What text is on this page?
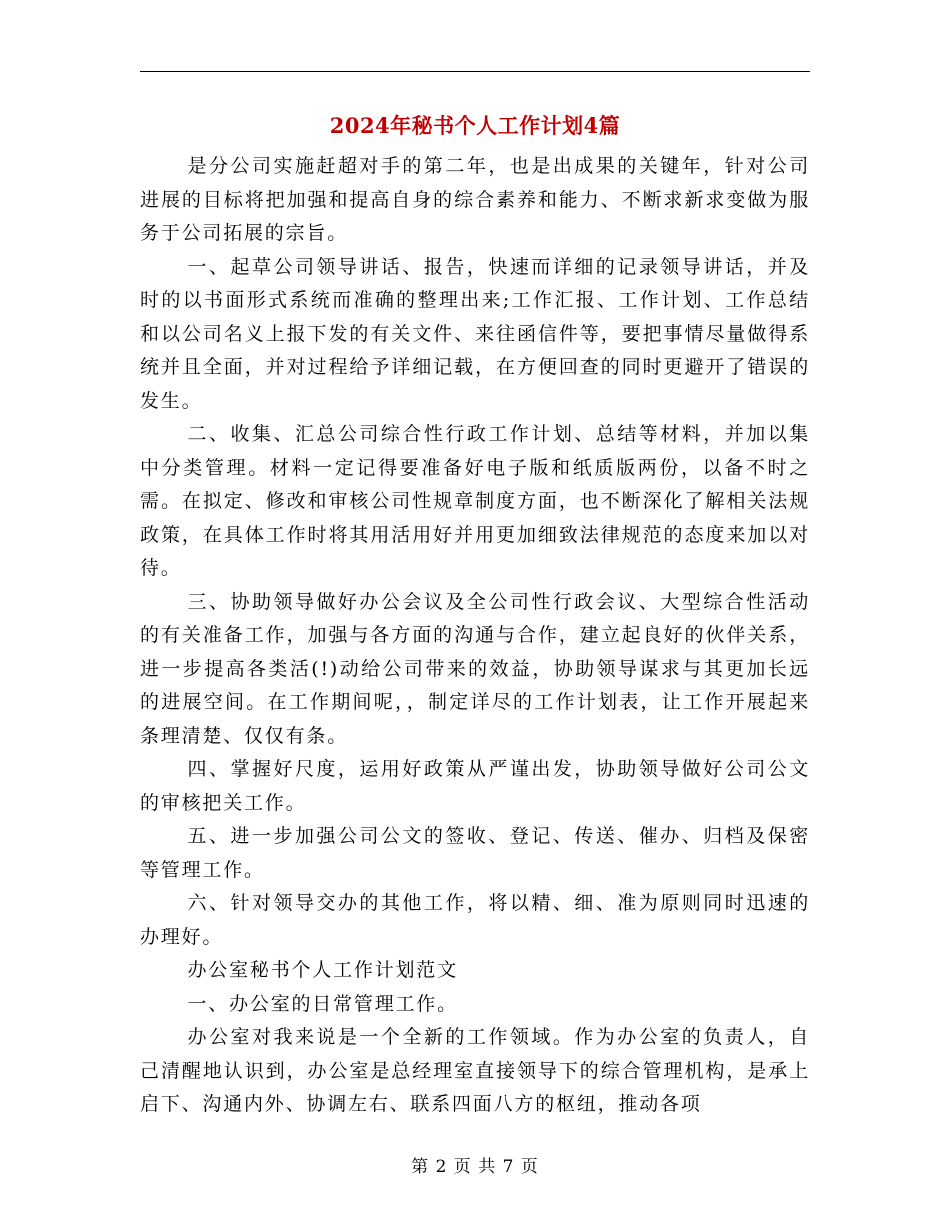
2024年秘书个人工作计划4篇

是分公司实施赶超对手的第二年，也是出成果的关键年，针对公司进展的目标将把加强和提高自身的综合素养和能力、不断求新求变做为服务于公司拓展的宗旨。

一、起草公司领导讲话、报告，快速而详细的记录领导讲话，并及时的以书面形式系统而准确的整理出来;工作汇报、工作计划、工作总结和以公司名义上报下发的有关文件、来往函信件等，要把事情尽量做得系统并且全面，并对过程给予详细记载，在方便回查的同时更避开了错误的发生。

二、收集、汇总公司综合性行政工作计划、总结等材料，并加以集中分类管理。材料一定记得要准备好电子版和纸质版两份，以备不时之需。在拟定、修改和审核公司性规章制度方面，也不断深化了解相关法规政策，在具体工作时将其用活用好并用更加细致法律规范的态度来加以对待。

三、协助领导做好办公会议及全公司性行政会议、大型综合性活动的有关准备工作，加强与各方面的沟通与合作，建立起良好的伙伴关系，进一步提高各类活(!)动给公司带来的效益，协助领导谋求与其更加长远的进展空间。在工作期间呢，，制定详尽的工作计划表，让工作开展起来条理清楚、仅仅有条。

四、掌握好尺度，运用好政策从严谨出发，协助领导做好公司公文的审核把关工作。

五、进一步加强公司公文的签收、登记、传送、催办、归档及保密等管理工作。

六、针对领导交办的其他工作，将以精、细、准为原则同时迅速的办理好。

办公室秘书个人工作计划范文

一、办公室的日常管理工作。

办公室对我来说是一个全新的工作领域。作为办公室的负责人，自己清醒地认识到，办公室是总经理室直接领导下的综合管理机构，是承上启下、沟通内外、协调左右、联系四面八方的枢纽，推动各项

第 2 页 共 7 页
